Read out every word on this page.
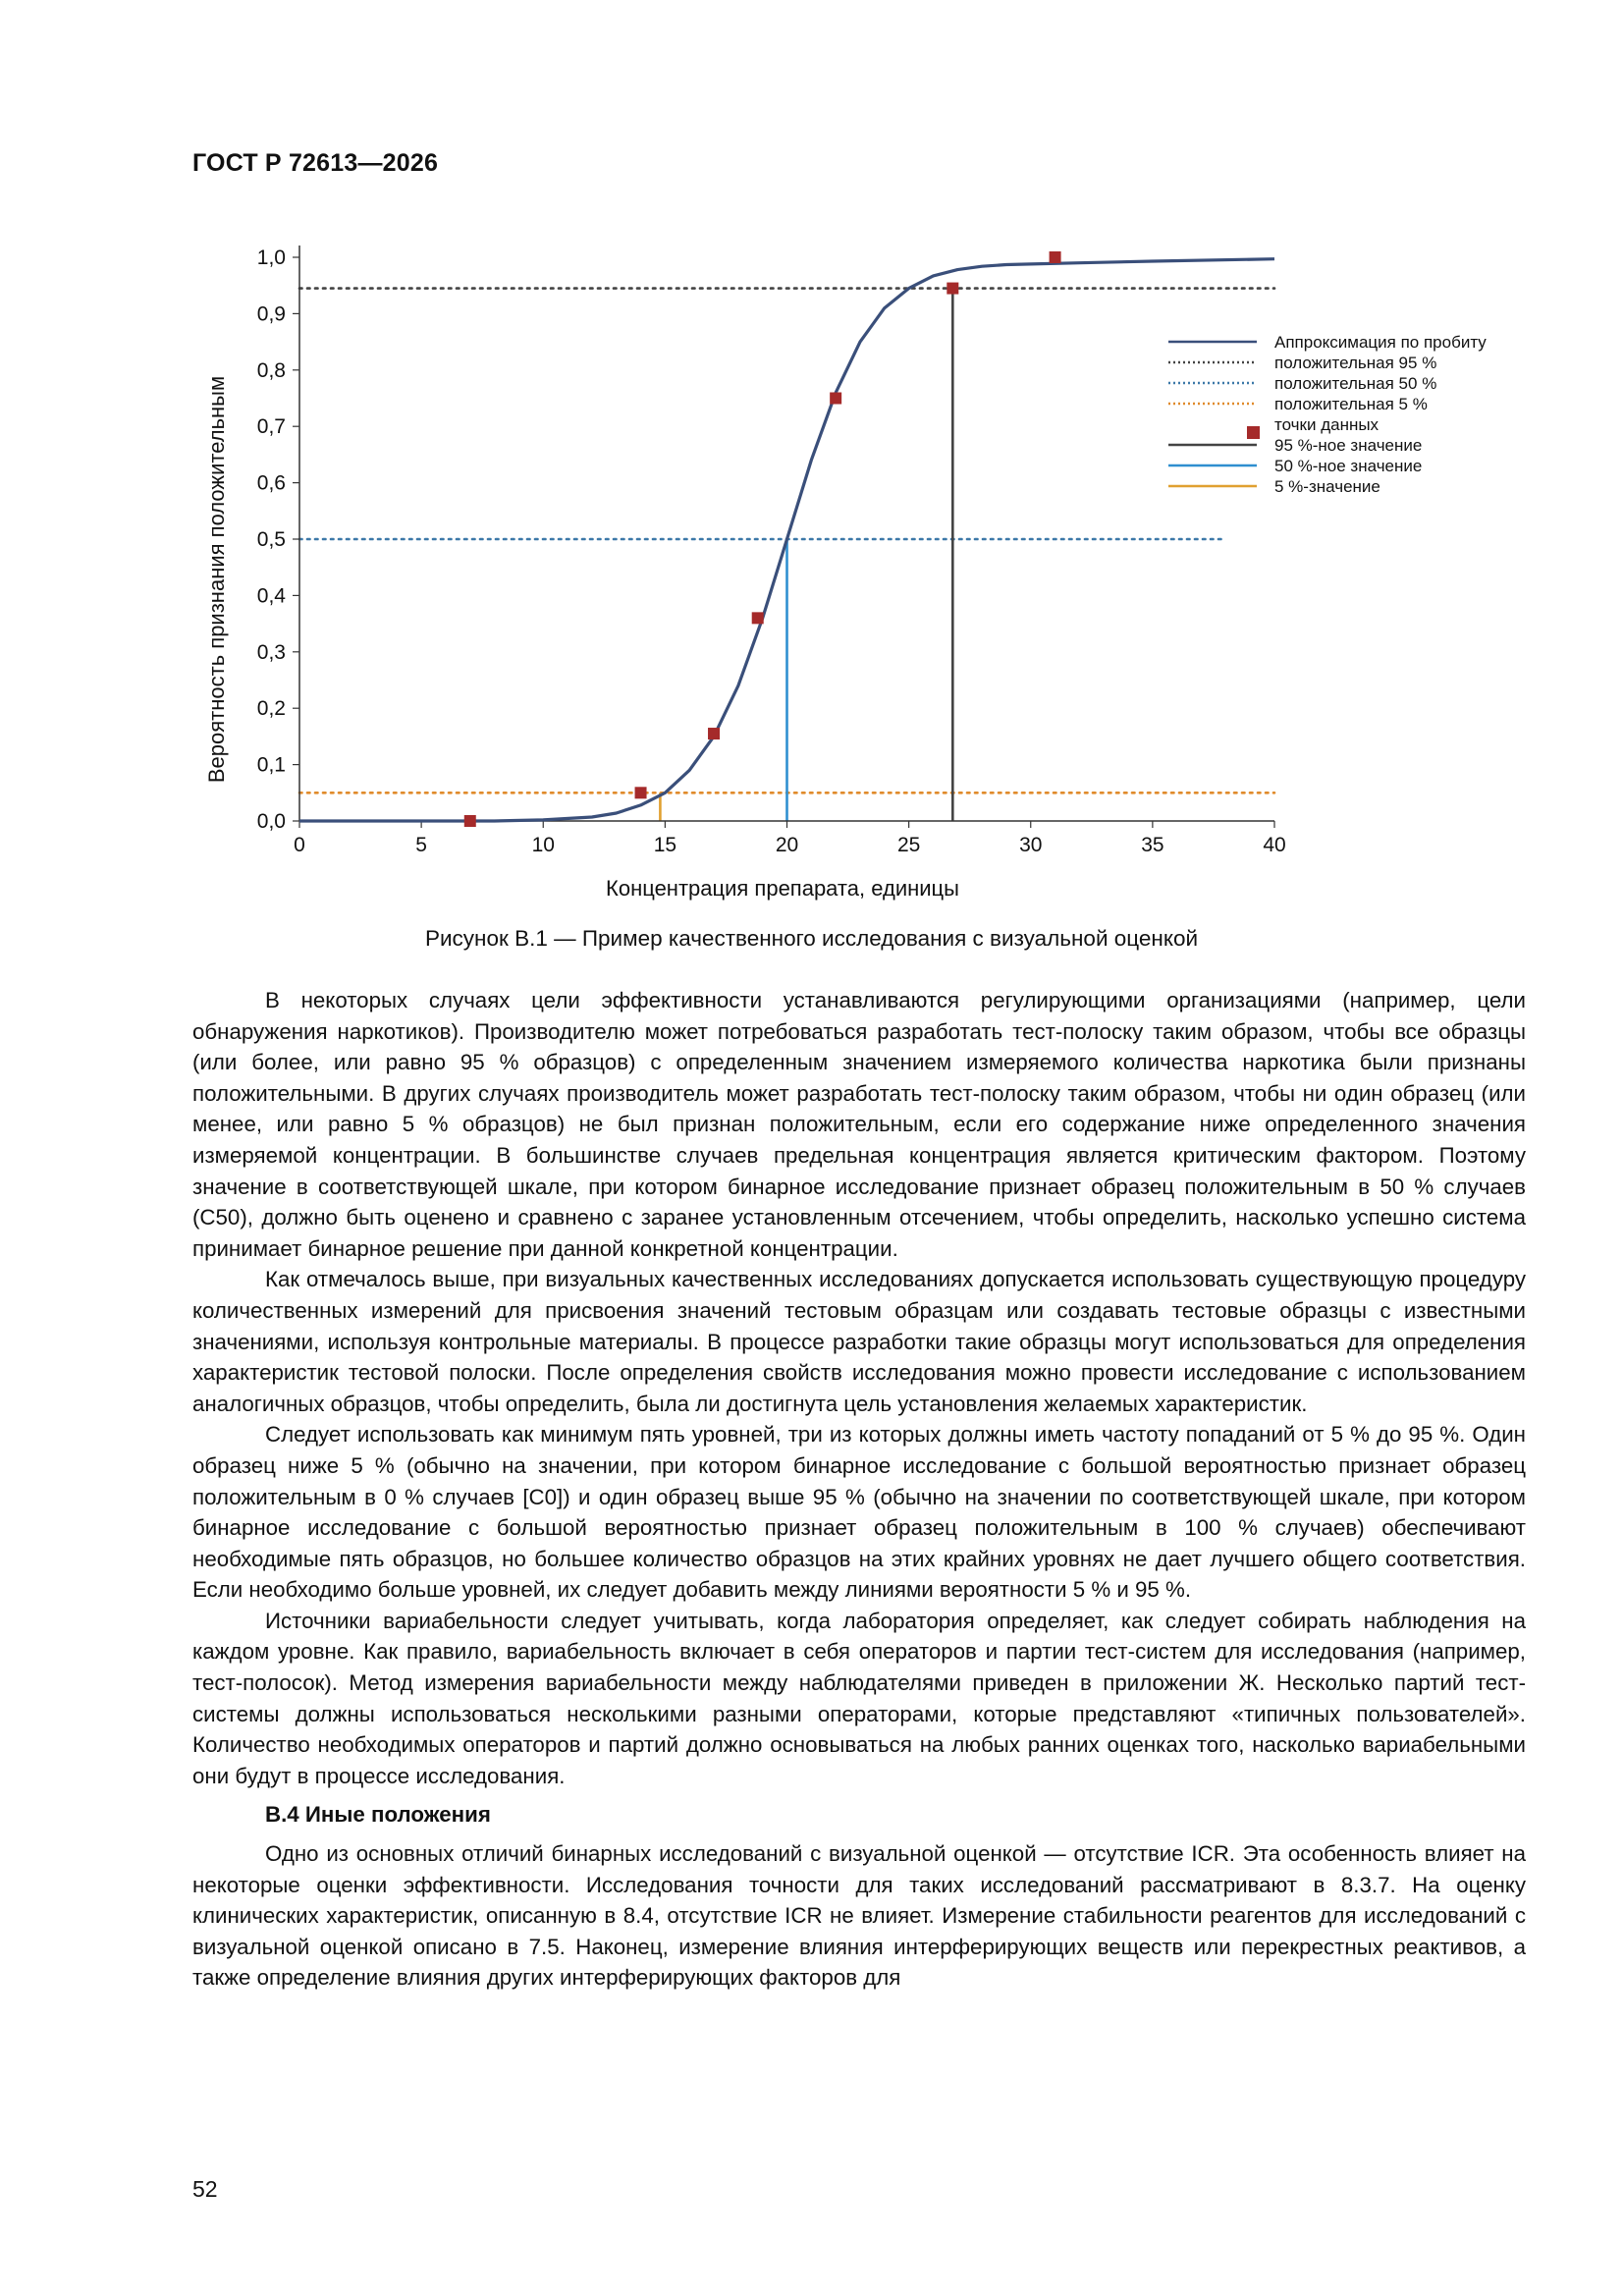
ГОСТ Р 72613—2026
0	5	10	15	20	25	30	35	40
0,0
0,1
0,2
0,3
0,4
0,5
0,6
0,7
0,8
0,9
1,0
Аппроксимация по пробиту
положительная 95 %
положительная 50 %
положительная 5 %
точки данных
95 %-ное значение
50 %-ное значение
5 %-значение
Концентрация препарата, единицы
Вероятность признания положительным
Рисунок В.1 — Пример качественного исследования с визуальной оценкой

В некоторых случаях цели эффективности устанавливаются регулирующими организациями (например, цели обнаружения наркотиков). Производителю может потребоваться разработать тест-полоску таким образом, чтобы все образцы (или более, или равно 95 % образцов) с определенным значением измеряемого количества наркотика были признаны положительными. В других случаях производитель может разработать тест-полоску таким образом, чтобы ни один образец (или менее, или равно 5 % образцов) не был признан положительным, если его содержание ниже определенного значения измеряемой концентрации. В большинстве случаев предельная концентрация является критическим фактором. Поэтому значение в соответствующей шкале, при котором бинарное исследование признает образец положительным в 50 % случаев (С50), должно быть оценено и сравнено с заранее установленным отсечением, чтобы определить, насколько успешно система принимает бинарное решение при данной конкретной концентрации.

Как отмечалось выше, при визуальных качественных исследованиях допускается использовать существующую процедуру количественных измерений для присвоения значений тестовым образцам или создавать тестовые образцы с известными значениями, используя контрольные материалы. В процессе разработки такие образцы могут использоваться для определения характеристик тестовой полоски. После определения свойств исследования можно провести исследование с использованием аналогичных образцов, чтобы определить, была ли достигнута цель установления желаемых характеристик.

Следует использовать как минимум пять уровней, три из которых должны иметь частоту попаданий от 5 % до 95 %. Один образец ниже 5 % (обычно на значении, при котором бинарное исследование с большой вероятностью признает образец положительным в 0 % случаев [C0]) и один образец выше 95 % (обычно на значении по соответствующей шкале, при котором бинарное исследование с большой вероятностью признает образец положительным в 100 % случаев) обеспечивают необходимые пять образцов, но большее количество образцов на этих крайних уровнях не дает лучшего общего соответствия. Если необходимо больше уровней, их следует добавить между линиями вероятности 5 % и 95 %.

Источники вариабельности следует учитывать, когда лаборатория определяет, как следует собирать наблюдения на каждом уровне. Как правило, вариабельность включает в себя операторов и партии тест-систем для исследования (например, тест-полосок). Метод измерения вариабельности между наблюдателями приведен в приложении Ж. Несколько партий тест-системы должны использоваться несколькими разными операторами, которые представляют «типичных пользователей». Количество необходимых операторов и партий должно основываться на любых ранних оценках того, насколько вариабельными они будут в процессе исследования.

В.4 Иные положения

Одно из основных отличий бинарных исследований с визуальной оценкой — отсутствие ICR. Эта особенность влияет на некоторые оценки эффективности. Исследования точности для таких исследований рассматривают в 8.3.7. На оценку клинических характеристик, описанную в 8.4, отсутствие ICR не влияет. Измерение стабильности реагентов для исследований с визуальной оценкой описано в 7.5. Наконец, измерение влияния интерферирующих веществ или перекрестных реактивов, а также определение влияния других интерферирующих факторов для

52
